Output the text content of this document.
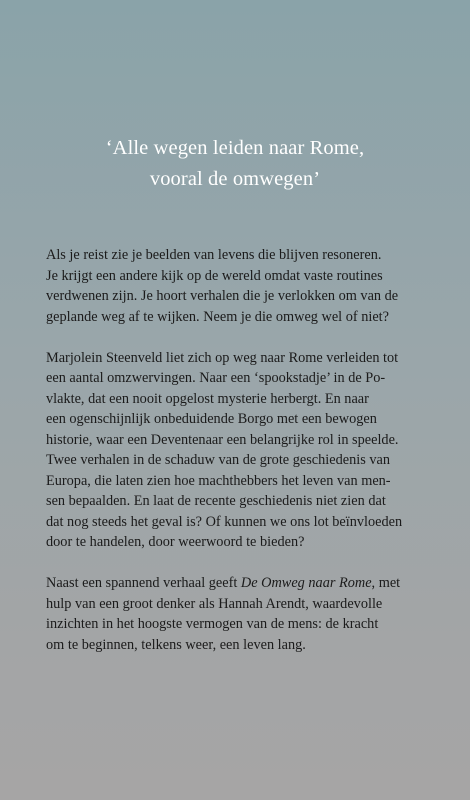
‘Alle wegen leiden naar Rome,
vooral de omwegen’

Als je reist zie je beelden van levens die blijven resoneren.
Je krijgt een andere kijk op de wereld omdat vaste routines
verdwenen zijn. Je hoort verhalen die je verlokken om van de
geplande weg af te wijken. Neem je die omweg wel of niet?

Marjolein Steenveld liet zich op weg naar Rome verleiden tot
een aantal omzwervingen. Naar een ‘spookstadje’ in de Po-
vlakte, dat een nooit opgelost mysterie herbergt. En naar
een ogenschijnlijk onbeduidende Borgo met een bewogen
historie, waar een Deventenaar een belangrijke rol in speelde.
Twee verhalen in de schaduw van de grote geschiedenis van
Europa, die laten zien hoe machthebbers het leven van men-
sen bepaalden. En laat de recente geschiedenis niet zien dat
dat nog steeds het geval is? Of kunnen we ons lot beïnvloeden
door te handelen, door weerwoord te bieden?

Naast een spannend verhaal geeft De Omweg naar Rome, met
hulp van een groot denker als Hannah Arendt, waardevolle
inzichten in het hoogste vermogen van de mens: de kracht
om te beginnen, telkens weer, een leven lang.
